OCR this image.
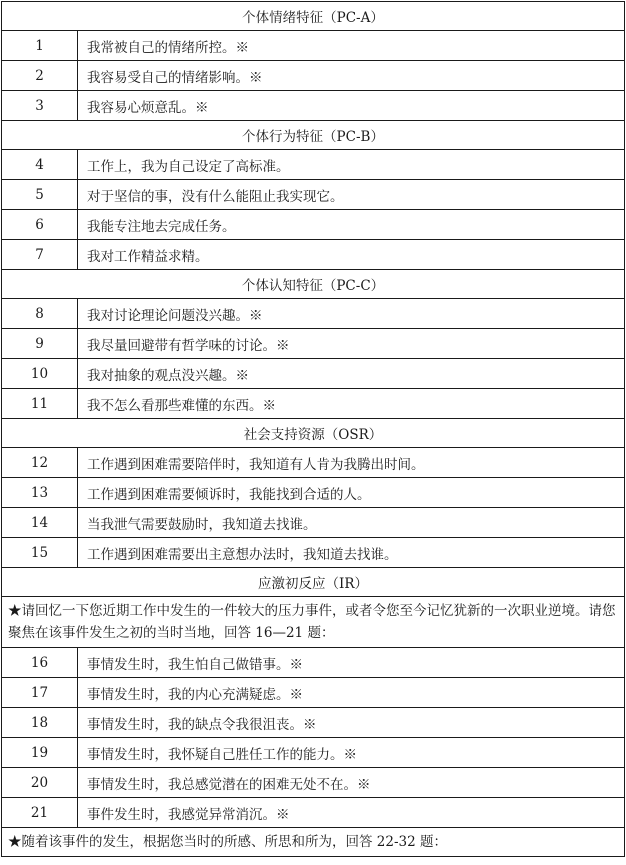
个体情绪特征（PC-A）	
1	我常被自己的情绪所控。※
2	我容易受自己的情绪影响。※
3	我容易心烦意乱。※
个体行为特征（PC-B）	
4	工作上，我为自己设定了高标准。
5	对于坚信的事，没有什么能阻止我实现它。
6	我能专注地去完成任务。
7	我对工作精益求精。
个体认知特征（PC-C）	
8	我对讨论理论问题没兴趣。※
9	我尽量回避带有哲学味的讨论。※
10	我对抽象的观点没兴趣。※
11	我不怎么看那些难懂的东西。※
社会支持资源（OSR）	
12	工作遇到困难需要陪伴时，我知道有人肯为我腾出时间。
13	工作遇到困难需要倾诉时，我能找到合适的人。
14	当我泄气需要鼓励时，我知道去找谁。
15	工作遇到困难需要出主意想办法时，我知道去找谁。
应激初反应（IR）	
★请回忆一下您近期工作中发生的一件较大的压力事件，或者令您至今记忆犹新的一次职业逆境。请您聚焦在该事件发生之初的当时当地，回答 16—21 题：	
16	事情发生时，我生怕自己做错事。※
17	事情发生时，我的内心充满疑虑。※
18	事情发生时，我的缺点令我很沮丧。※
19	事情发生时，我怀疑自己胜任工作的能力。※
20	事情发生时，我总感觉潜在的困难无处不在。※
21	事件发生时，我感觉异常消沉。※
★随着该事件的发生，根据您当时的所感、所思和所为，回答 22-32 题：	
